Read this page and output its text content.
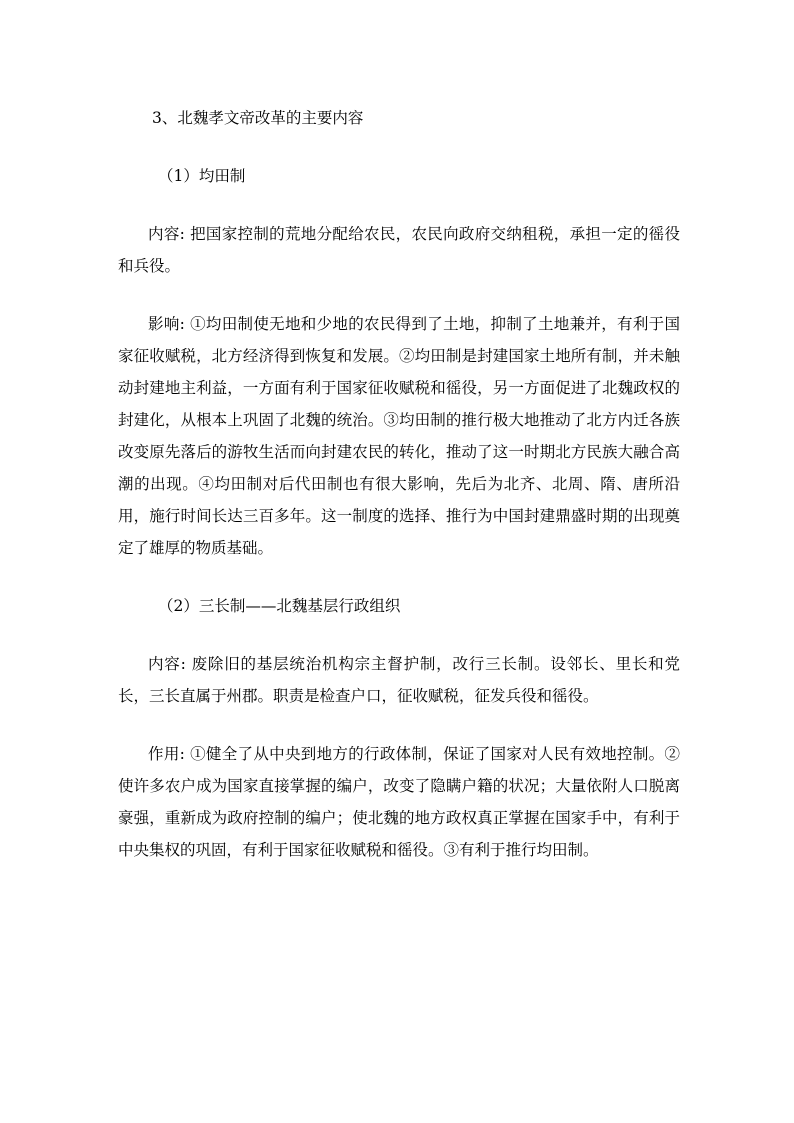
3、北魏孝文帝改革的主要内容

（1）均田制

内容: 把国家控制的荒地分配给农民，农民向政府交纳租税，承担一定的徭役和兵役。

影响: ①均田制使无地和少地的农民得到了土地，抑制了土地兼并，有利于国家征收赋税，北方经济得到恢复和发展。②均田制是封建国家土地所有制，并未触动封建地主利益，一方面有利于国家征收赋税和徭役，另一方面促进了北魏政权的封建化，从根本上巩固了北魏的统治。③均田制的推行极大地推动了北方内迁各族改变原先落后的游牧生活而向封建农民的转化，推动了这一时期北方民族大融合高潮的出现。④均田制对后代田制也有很大影响，先后为北齐、北周、隋、唐所沿用，施行时间长达三百多年。这一制度的选择、推行为中国封建鼎盛时期的出现奠定了雄厚的物质基础。

（2）三长制——北魏基层行政组织

内容: 废除旧的基层统治机构宗主督护制，改行三长制。设邻长、里长和党长，三长直属于州郡。职责是检查户口，征收赋税，征发兵役和徭役。

作用: ①健全了从中央到地方的行政体制，保证了国家对人民有效地控制。②使许多农户成为国家直接掌握的编户，改变了隐瞒户籍的状况；大量依附人口脱离豪强，重新成为政府控制的编户；使北魏的地方政权真正掌握在国家手中，有利于中央集权的巩固，有利于国家征收赋税和徭役。③有利于推行均田制。
